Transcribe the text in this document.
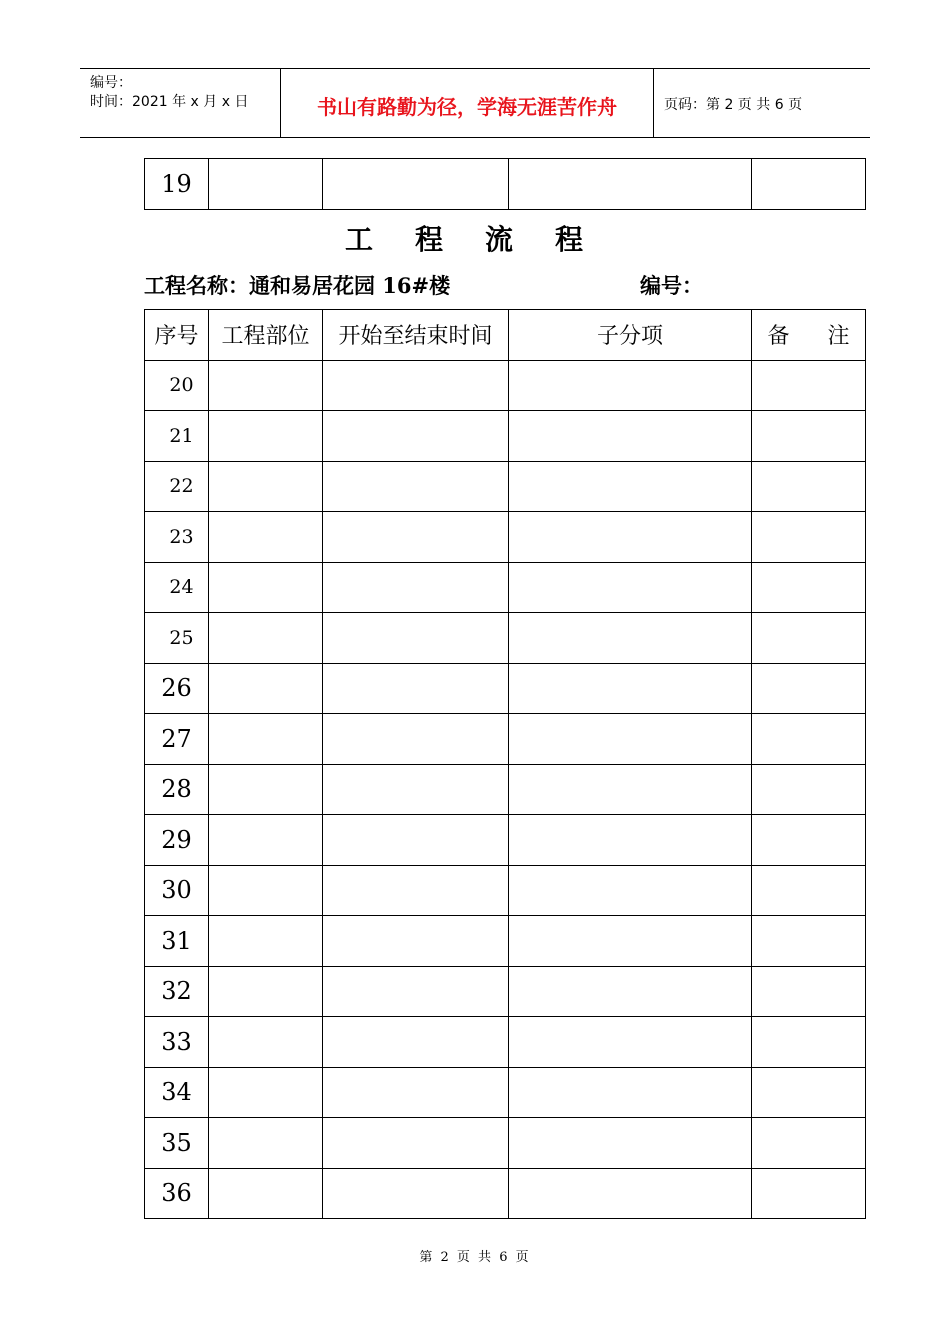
编号：
时间：2021 年 x 月 x 日	书山有路勤为径，学海无涯苦作舟	页码：第 2 页 共 6 页
19				
工程流程
工程名称：通和易居花园 16#楼	编号：
序号	工程部位	开始至结束时间	子分项	备 注
20				
21				
22				
23				
24				
25				
26				
27				
28				
29				
30				
31				
32				
33				
34				
35				
36				
第 2 页 共 6 页
